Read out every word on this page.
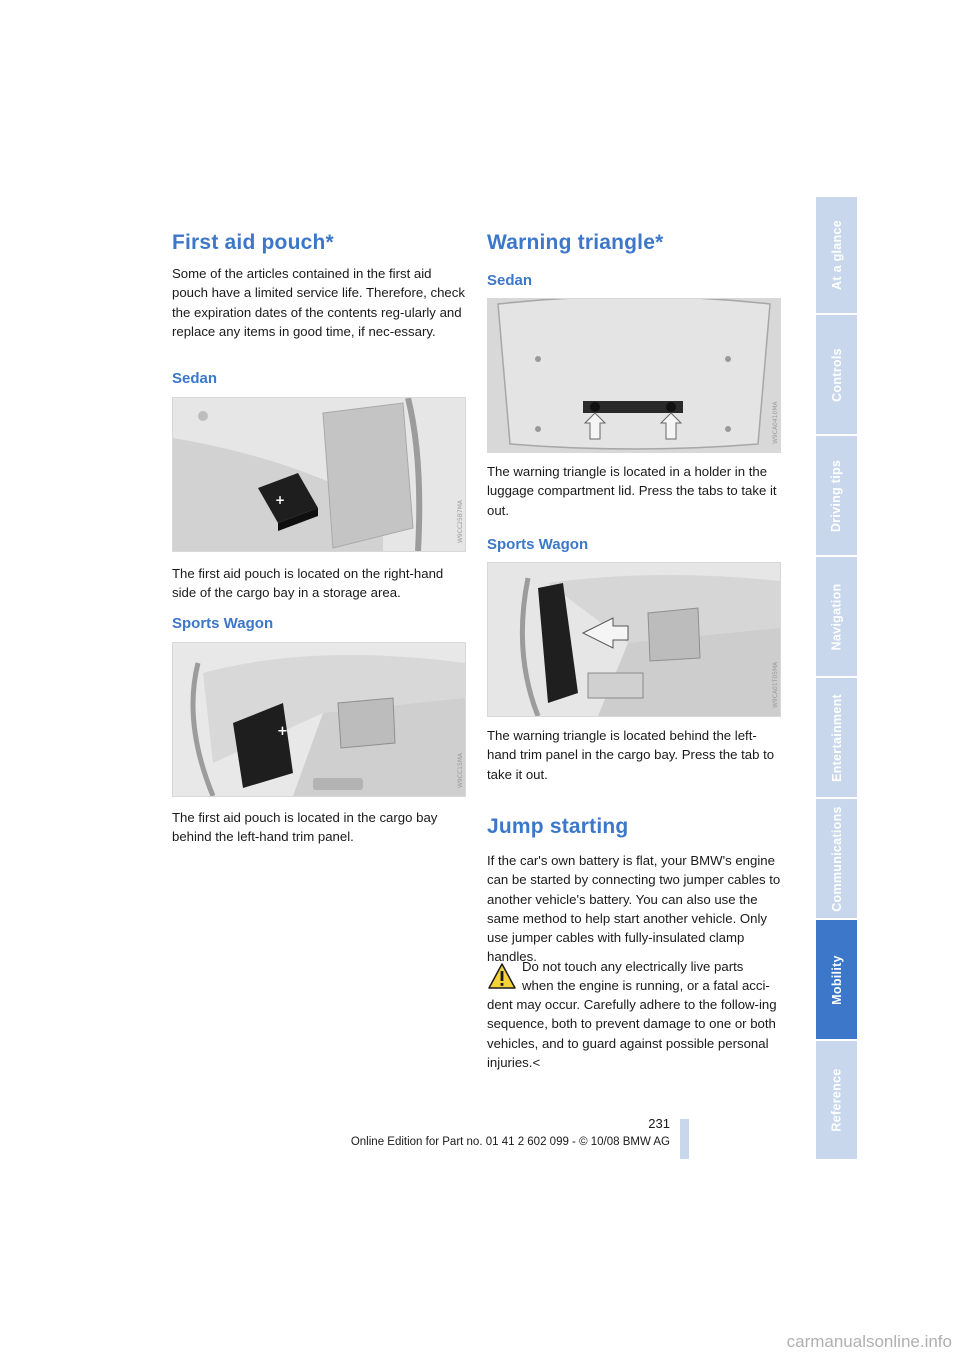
First aid pouch*

Some of the articles contained in the first aid pouch have a limited service life. Therefore, check the expiration dates of the contents reg-ularly and replace any items in good time, if nec-essary.

Sedan
+
W9CC25B7MA

The first aid pouch is located on the right-hand side of the cargo bay in a storage area.

Sports Wagon
+
W9CC15MA

The first aid pouch is located in the cargo bay behind the left-hand trim panel.

Warning triangle*
Sedan
W9CA0410MA

The warning triangle is located in a holder in the luggage compartment lid. Press the tabs to take it out.

Sports Wagon
W9CA01T05MA

The warning triangle is located behind the left-hand trim panel in the cargo bay. Press the tab to take it out.

Jump starting

If the car's own battery is flat, your BMW's engine can be started by connecting two jumper cables to another vehicle's battery. You can also use the same method to help start another vehicle. Only use jumper cables with fully-insulated clamp handles.

Do not touch any electrically live parts

when the engine is running, or a fatal acci-

dent may occur. Carefully adhere to the follow-ing sequence, both to prevent damage to one or both vehicles, and to guard against possible personal injuries.<

At a glance
Controls
Driving tips
Navigation
Entertainment
Communications
Mobility
Reference
231
Online Edition for Part no. 01 41 2 602 099 - © 10/08 BMW AG
carmanualsonline.info
